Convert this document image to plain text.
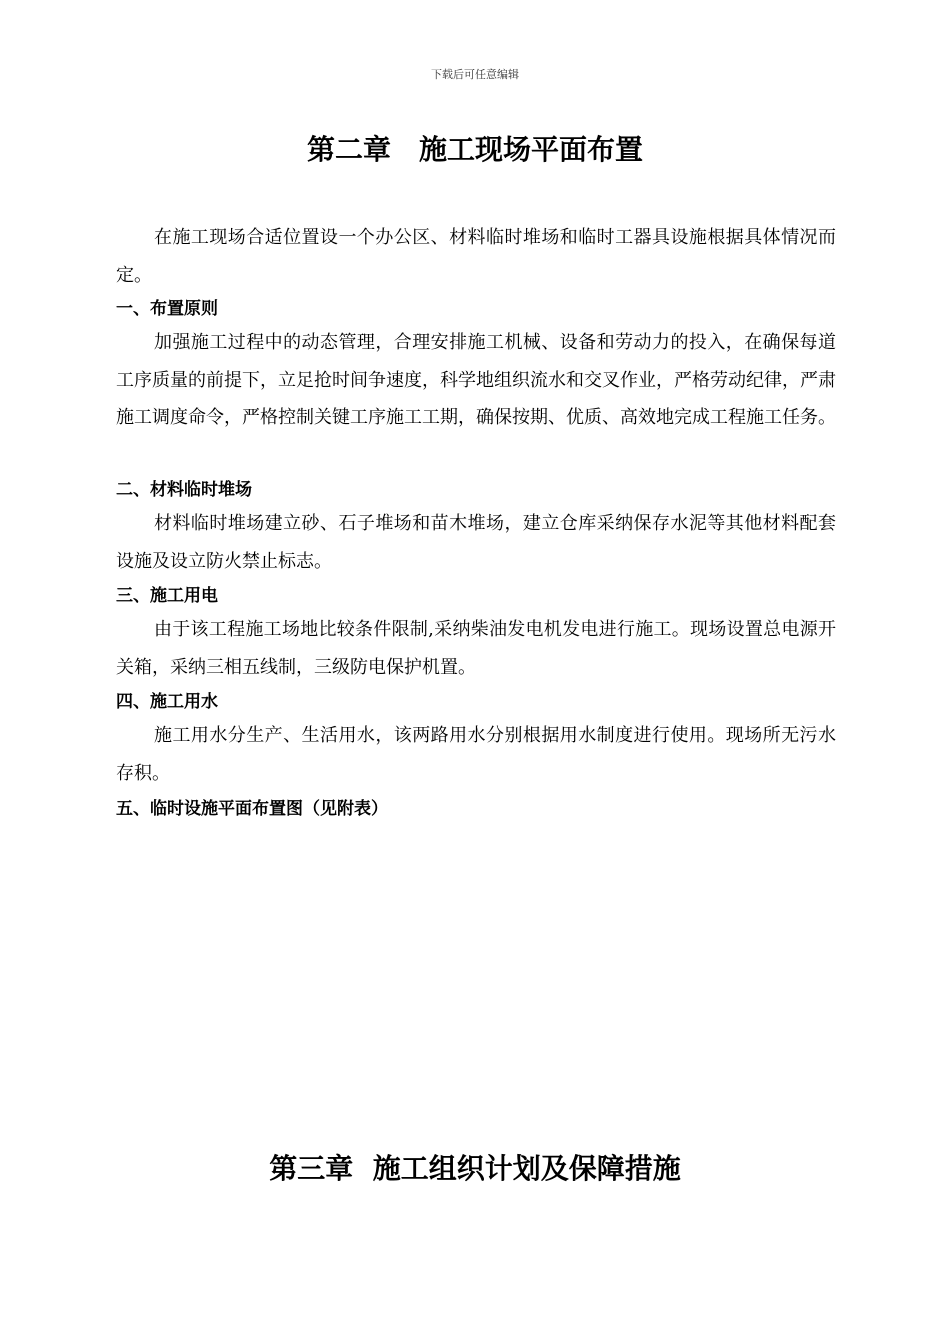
下载后可任意编辑
第二章　施工现场平面布置

在施工现场合适位置设一个办公区、材料临时堆场和临时工器具设施根据具体情况而定。

一、布置原则

加强施工过程中的动态管理，合理安排施工机械、设备和劳动力的投入，在确保每道工序质量的前提下，立足抢时间争速度，科学地组织流水和交叉作业，严格劳动纪律，严肃施工调度命令，严格控制关键工序施工工期，确保按期、优质、高效地完成工程施工任务。

二、材料临时堆场

材料临时堆场建立砂、石子堆场和苗木堆场，建立仓库采纳保存水泥等其他材料配套设施及设立防火禁止标志。

三、施工用电

由于该工程施工场地比较条件限制,采纳柴油发电机发电进行施工。现场设置总电源开关箱，采纳三相五线制，三级防电保护机置。

四、施工用水

施工用水分生产、生活用水，该两路用水分别根据用水制度进行使用。现场所无污水存积。

五、临时设施平面布置图（见附表）

第三章  施工组织计划及保障措施
